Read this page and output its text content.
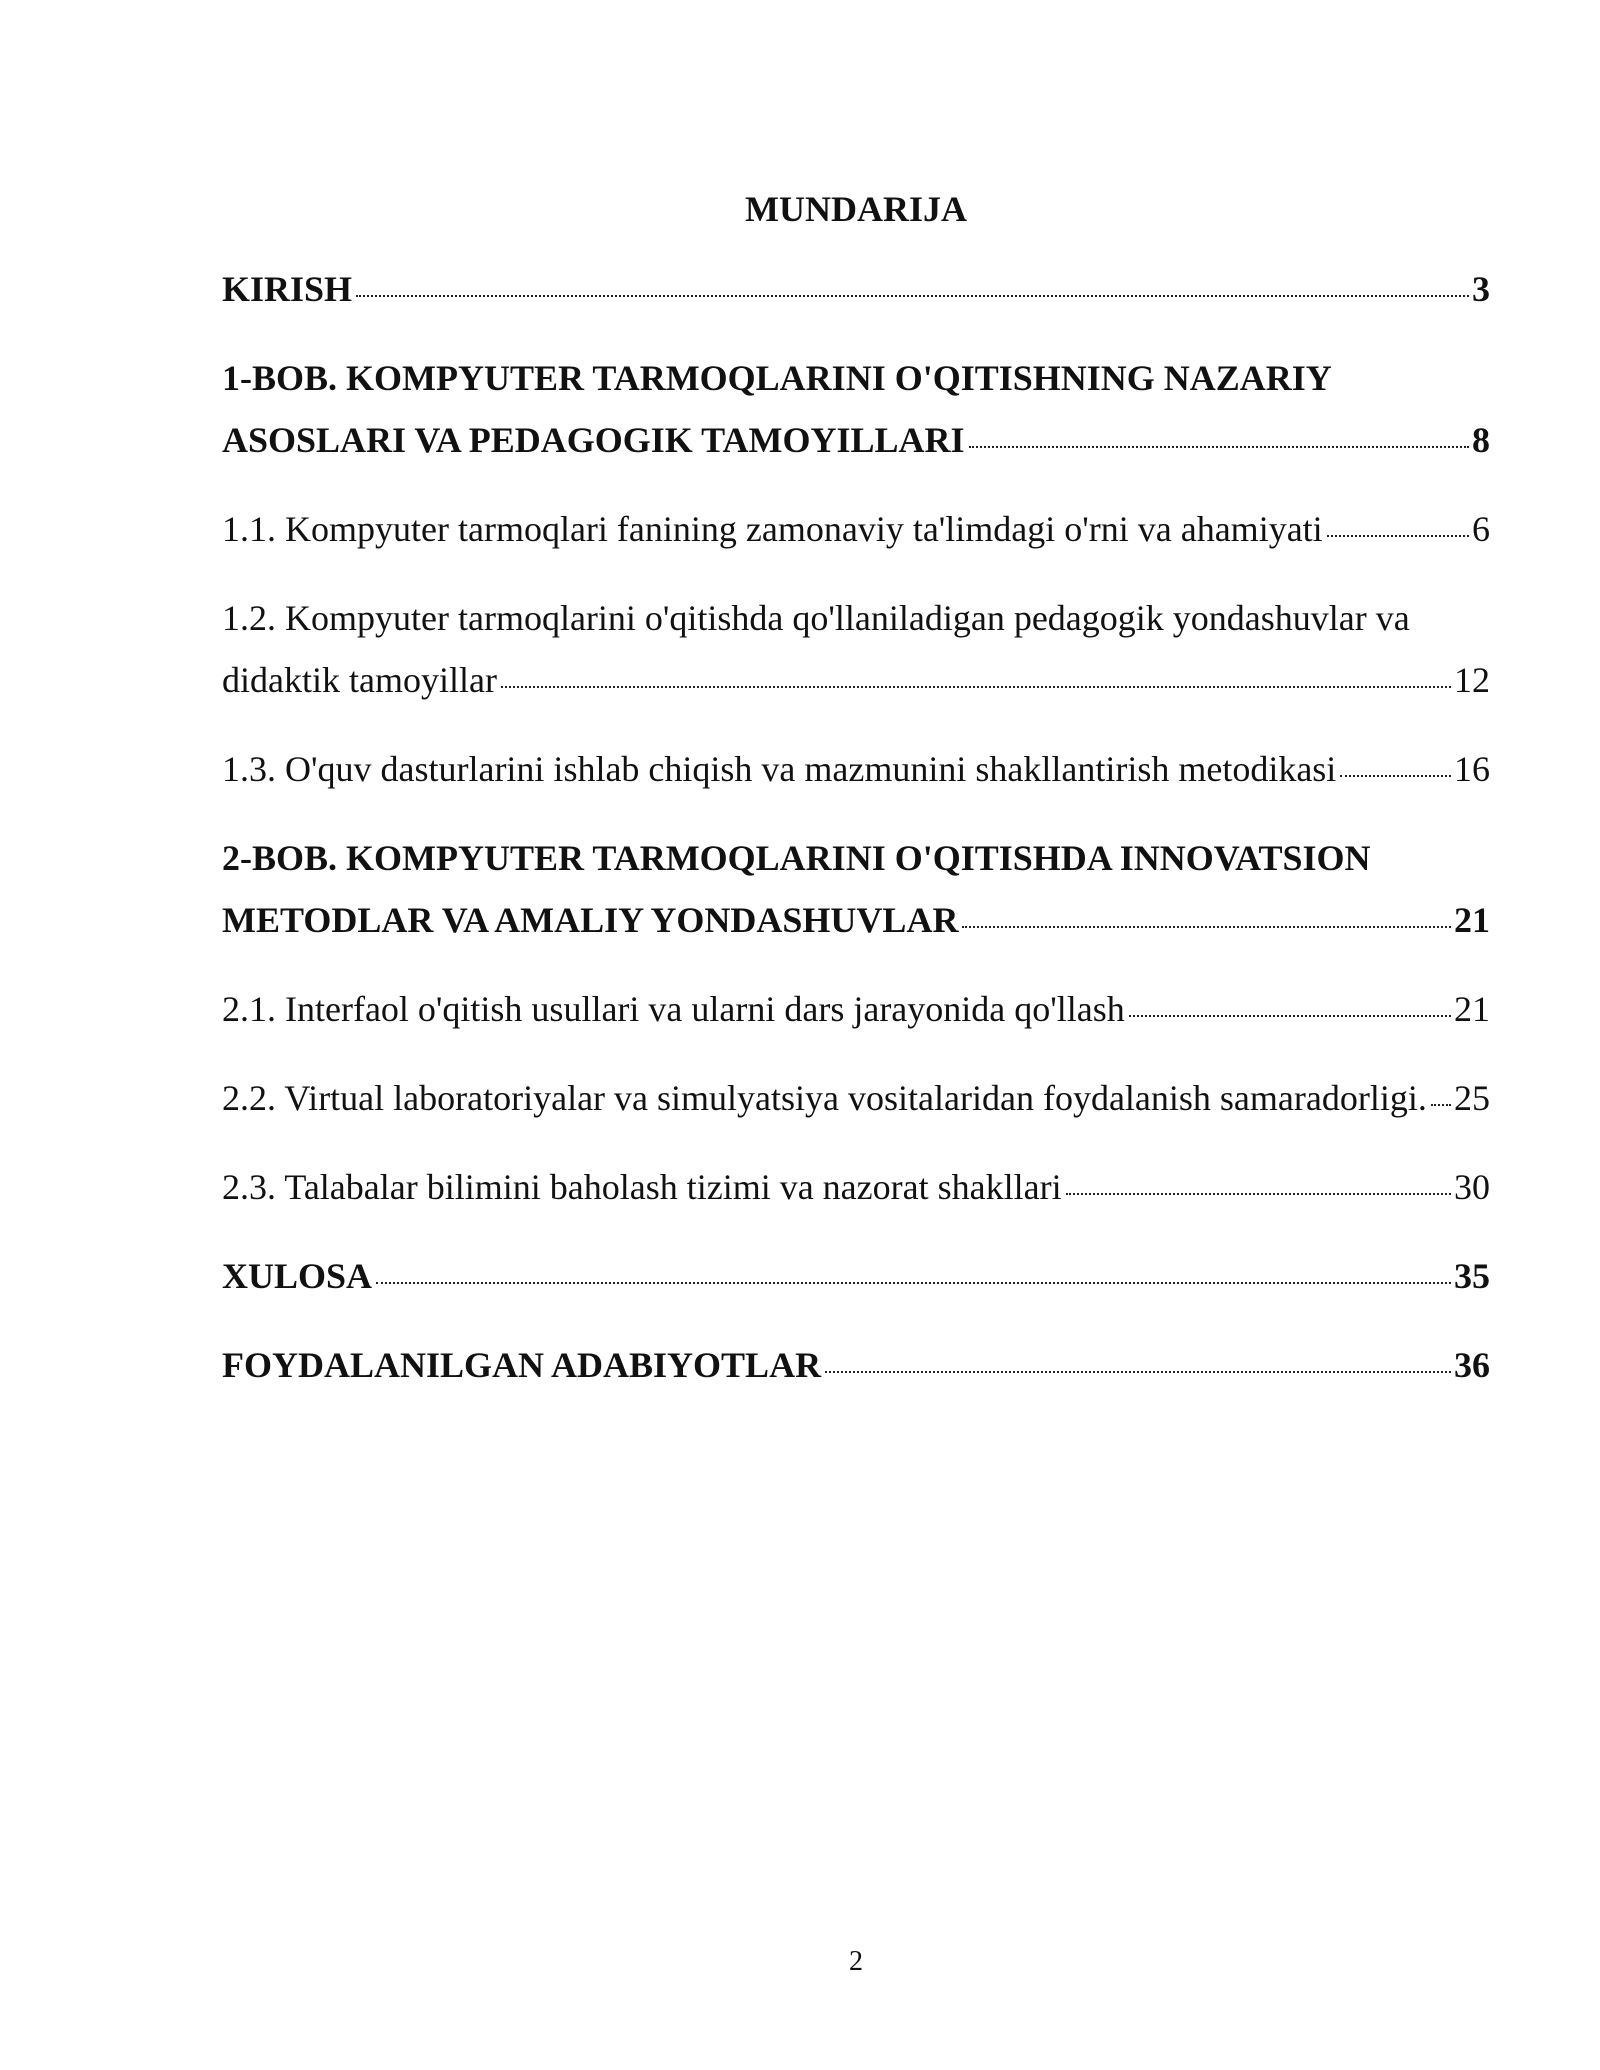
MUNDARIJA
KIRISH	3
1-BOB. KOMPYUTER TARMOQLARINI O'QITISHNING NAZARIY
ASOSLARI VA PEDAGOGIK TAMOYILLARI	8
1.1. Kompyuter tarmoqlari fanining zamonaviy ta'limdagi o'rni va ahamiyati	6
1.2. Kompyuter tarmoqlarini o'qitishda qo'llaniladigan pedagogik yondashuvlar va
didaktik tamoyillar	12
1.3. O'quv dasturlarini ishlab chiqish va mazmunini shakllantirish metodikasi	16
2-BOB. KOMPYUTER TARMOQLARINI O'QITISHDA INNOVATSION
METODLAR VA AMALIY YONDASHUVLAR	21
2.1. Interfaol o'qitish usullari va ularni dars jarayonida qo'llash	21
2.2. Virtual laboratoriyalar va simulyatsiya vositalaridan foydalanish samaradorligi. 25
2.3. Talabalar bilimini baholash tizimi va nazorat shakllari	30
XULOSA	35
FOYDALANILGAN ADABIYOTLAR	36
2
